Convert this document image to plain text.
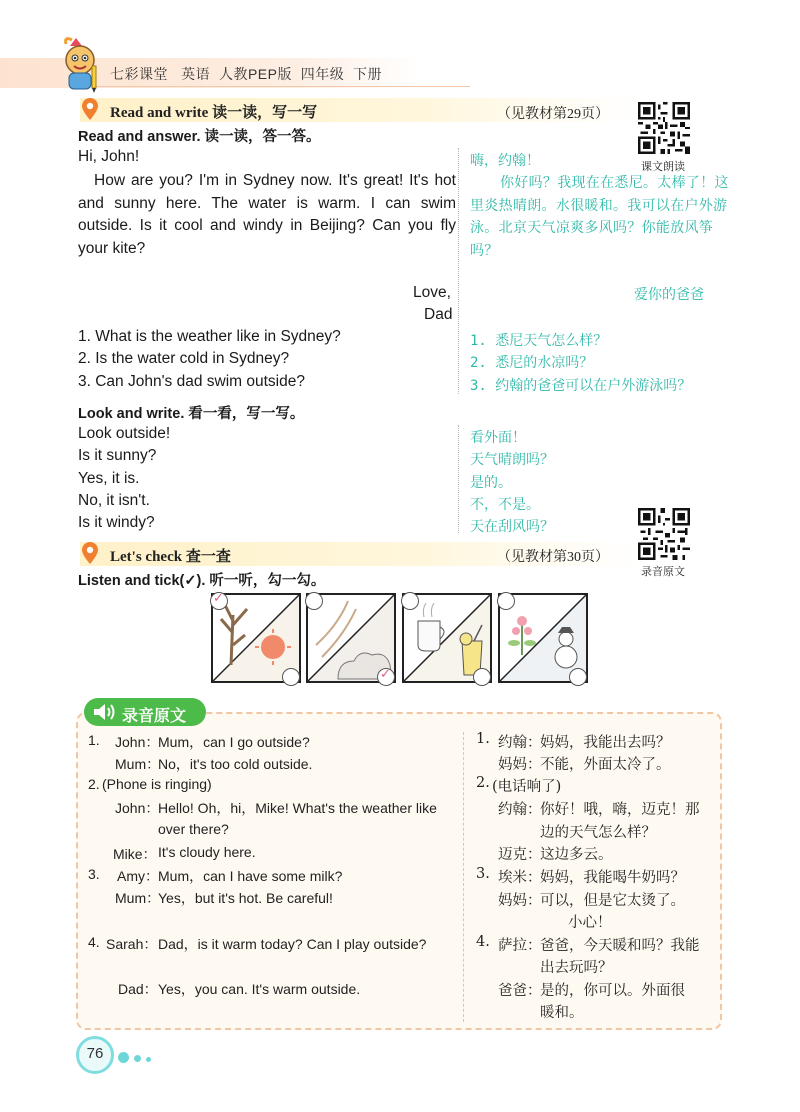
七彩课堂 英语 人教PEP版 四年级 下册
Read and write 读一读，写一写	（见教材第29页）
课文朗读
Read and answer. 读一读，答一答。
Hi, John!
How are you? I'm in Sydney now. It's great! It's hot and sunny here. The water is warm. I can swim outside. Is it cool and windy in Beijing? Can you fly your kite?
Love,
Dad
嗨，约翰！
你好吗？我现在在悉尼。太棒了！这里炎热晴朗。水很暖和。我可以在户外游泳。北京天气凉爽多风吗？你能放风筝吗？
爱你的爸爸
1. What is the weather like in Sydney?
2. Is the water cold in Sydney?
3. Can John's dad swim outside?
1. 悉尼天气怎么样？
2. 悉尼的水凉吗？
3. 约翰的爸爸可以在户外游泳吗？
Look and write. 看一看，写一写。
Look outside!
Is it sunny?
Yes, it is.
No, it isn't.
Is it windy?
看外面！
天气晴朗吗？
是的。
不，不是。
天在刮风吗？
Let's check 查一查	（见教材第30页）
录音原文
Listen and tick(✓). 听一听，勾一勾。
✓
✓
录音原文
1. John：
Mum，can I go outside?
Mum：
No，it's too cold outside.
2. (Phone is ringing)
John：
Hello! Oh，hi，Mike! What's the weather like
over there?
Mike： It's cloudy here.
3. Amy： Mum，can I have some milk?
Mum：
Yes，but it's hot. Be careful!
4. Sarah： Dad，is it warm today? Can I play outside?
Dad： Yes，you can. It's warm outside.
1. 约翰：
妈妈，我能出去吗？
妈妈：
不能，外面太冷了。
2. (电话响了)
约翰：
你好！哦，嗨，迈克！那
边的天气怎么样？
迈克：
这边多云。
3. 埃米：
妈妈，我能喝牛奶吗？
妈妈：
可以，但是它太烫了。
小心！
4. 萨拉：
爸爸，今天暖和吗？我能
出去玩吗？
爸爸：
是的，你可以。外面很
暖和。
76
